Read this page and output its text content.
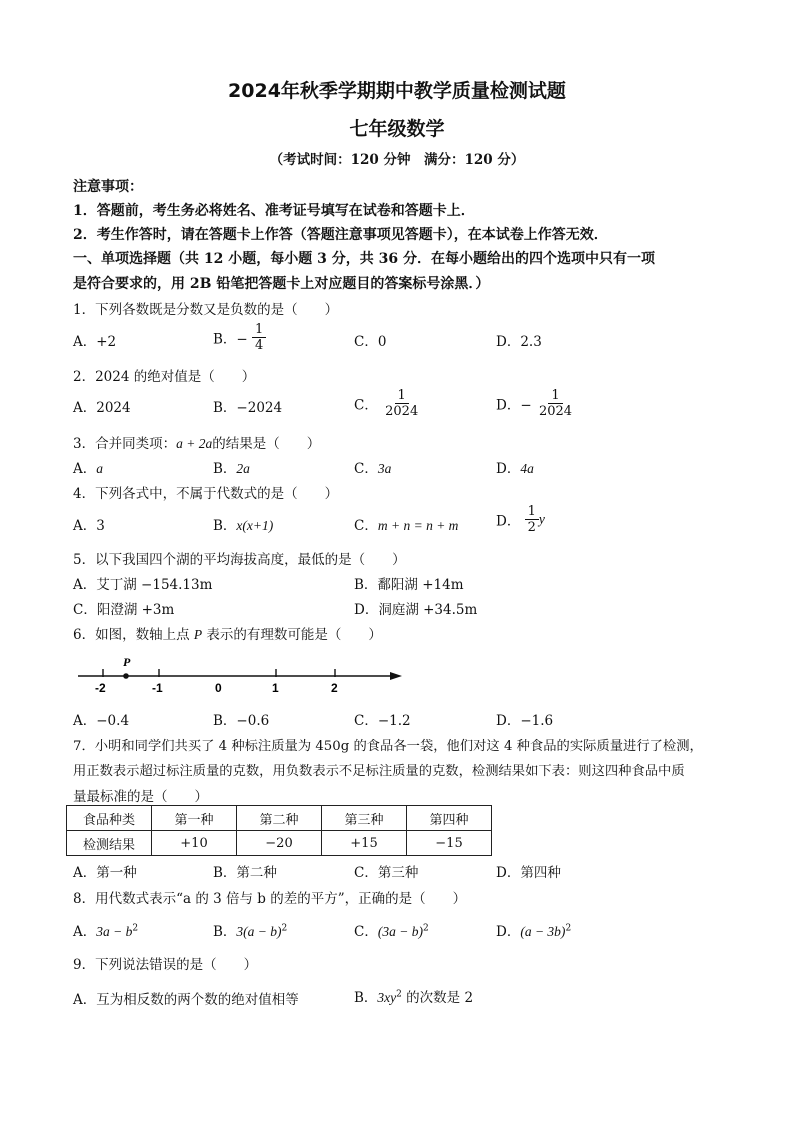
2024年秋季学期期中教学质量检测试题
七年级数学
（考试时间：120 分钟　满分：120 分）
注意事项：
1．答题前，考生务必将姓名、准考证号填写在试卷和答题卡上．
2．考生作答时，请在答题卡上作答（答题注意事项见答题卡），在本试卷上作答无效．
一、单项选择题（共 12 小题，每小题 3 分，共 36 分．在每小题给出的四个选项中只有一项
是符合要求的，用 2B 铅笔把答题卡上对应题目的答案标号涂黑．）
1．下列各数既是分数又是负数的是（　　）
A．+2	B．− $\frac{1}{4}$	C．0	D．2.3
2．2024 的绝对值是（　　）
A．2024	B．−2024	C． $\frac{1}{2024}$	D．− $\frac{1}{2024}$
3．合并同类项：a + 2a的结果是（　　）
A．a	B．2a	C．3a	D．4a
4．下列各式中，不属于代数式的是（　　）
A．3	B．x(x+1)	C．m + n = n + m	D． $\frac{1}{2}$ y
5．以下我国四个湖的平均海拔高度，最低的是（　　）
A．艾丁湖 −154.13m	B．鄱阳湖 +14m
C．阳澄湖 +3m	D．洞庭湖 +34.5m
6．如图，数轴上点 P 表示的有理数可能是（　　）
P
-2	-1	0	1	2
A．−0.4	B．−0.6	C．−1.2	D．−1.6
7．小明和同学们共买了 4 种标注质量为 450g 的食品各一袋，他们对这 4 种食品的实际质量进行了检测，
用正数表示超过标注质量的克数，用负数表示不足标注质量的克数，检测结果如下表：则这四种食品中质
量最标准的是（　　）
食品种类	第一种	第二种	第三种	第四种
检测结果	+10	−20	+15	−15
A．第一种	B．第二种	C．第三种	D．第四种
8．用代数式表示“a 的 3 倍与 b 的差的平方”，正确的是（　　）
A．$3a - b^2$	B．$3(a - b)^2$	C．$(3a - b)^2$	D．$(a - 3b)^2$
9．下列说法错误的是（　　）
A．互为相反数的两个数的绝对值相等	B．$3xy^2$ 的次数是 2
